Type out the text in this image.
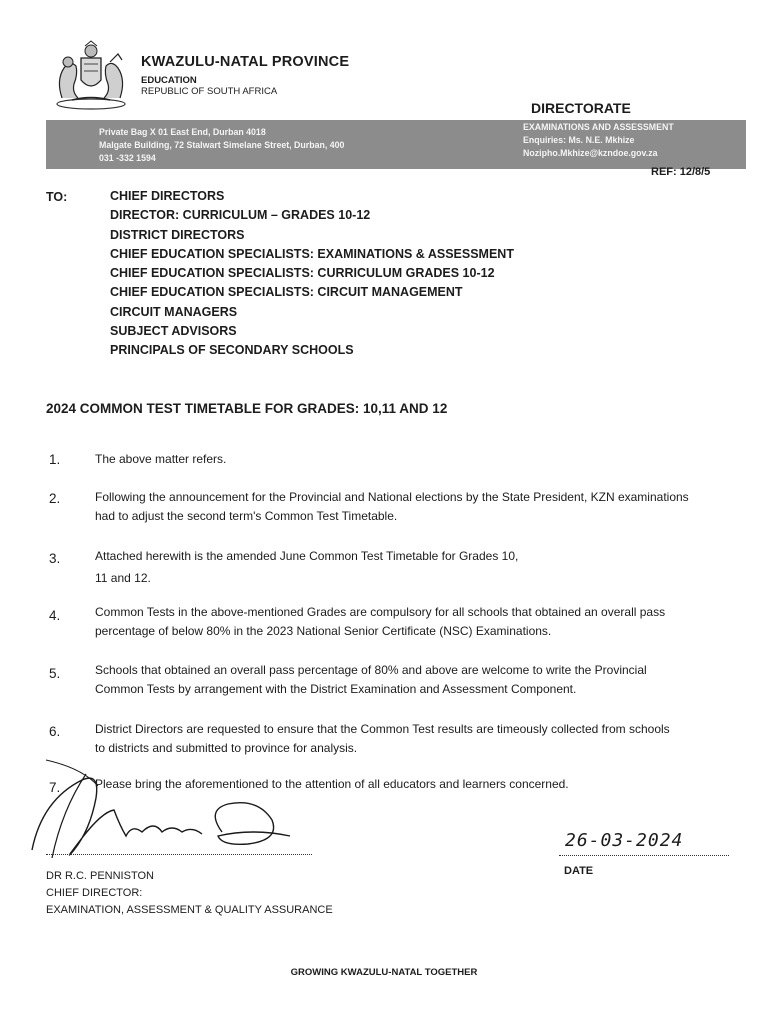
KWAZULU-NATAL PROVINCE
EDUCATION
REPUBLIC OF SOUTH AFRICA
DIRECTORATE
Private Bag X 01 East End, Durban 4018
Malgate Building, 72 Stalwart Simelane Street, Durban, 400
031 -332 1594
EXAMINATIONS AND ASSESSMENT
Enquiries: Ms. N.E. Mkhize
Nozipho.Mkhize@kzndoe.gov.za
REF: 12/8/5
TO:	CHIEF DIRECTORS
DIRECTOR: CURRICULUM – GRADES 10-12
DISTRICT DIRECTORS
CHIEF EDUCATION SPECIALISTS: EXAMINATIONS & ASSESSMENT
CHIEF EDUCATION SPECIALISTS: CURRICULUM GRADES 10-12
CHIEF EDUCATION SPECIALISTS: CIRCUIT MANAGEMENT
CIRCUIT MANAGERS
SUBJECT ADVISORS
PRINCIPALS OF SECONDARY SCHOOLS
2024 COMMON TEST TIMETABLE FOR GRADES: 10,11 AND 12
1.	The above matter refers.
2.	Following the announcement for the Provincial and National elections by the State President, KZN examinations
had to adjust the second term's Common Test Timetable.
3.	Attached herewith is the amended June Common Test Timetable for Grades 10,
11 and 12.
4.	Common Tests in the above-mentioned Grades are compulsory for all schools that obtained an overall pass
percentage of below 80% in the 2023 National Senior Certificate (NSC) Examinations.
5.	Schools that obtained an overall pass percentage of 80% and above are welcome to write the Provincial
Common Tests by arrangement with the District Examination and Assessment Component.
6.	District Directors are requested to ensure that the Common Test results are timeously collected from schools
to districts and submitted to province for analysis.
7.	Please bring the aforementioned to the attention of all educators and learners concerned.
DR R.C. PENNISTON
CHIEF DIRECTOR:
EXAMINATION, ASSESSMENT & QUALITY ASSURANCE
26-03-2024
DATE
GROWING KWAZULU-NATAL TOGETHER
